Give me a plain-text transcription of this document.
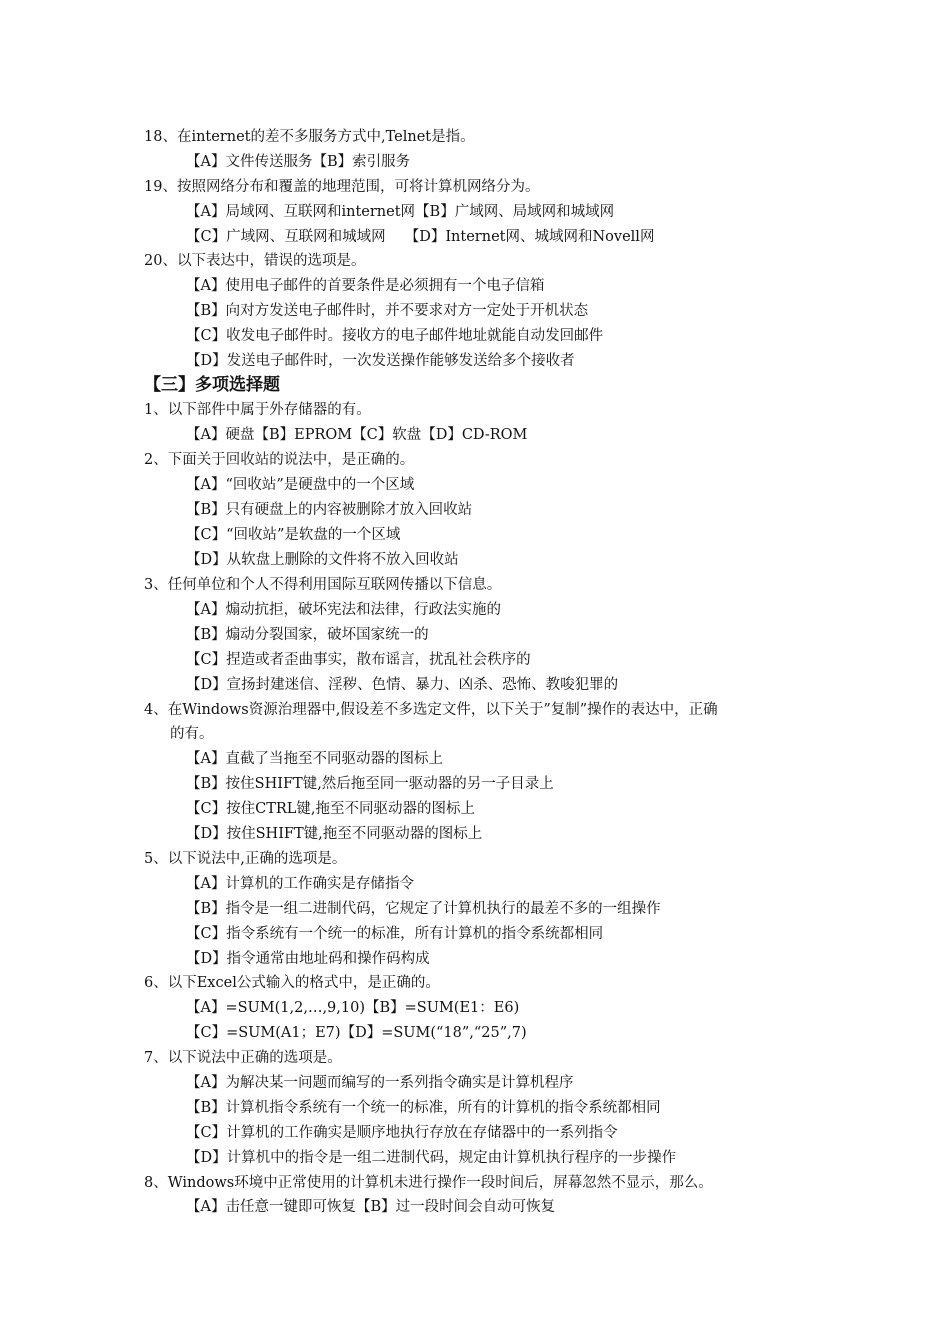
18、在internet的差不多服务方式中,Telnet是指。
【A】文件传送服务【B】索引服务
19、按照网络分布和覆盖的地理范围，可将计算机网络分为。
【A】局域网、互联网和internet网【B】广域网、局域网和城域网
【C】广域网、互联网和城域网　 【D】Internet网、城域网和Novell网
20、以下表达中，错误的选项是。
【A】使用电子邮件的首要条件是必须拥有一个电子信箱
【B】向对方发送电子邮件时，并不要求对方一定处于开机状态
【C】收发电子邮件时。接收方的电子邮件地址就能自动发回邮件
【D】发送电子邮件时，一次发送操作能够发送给多个接收者
【三】多项选择题
1、以下部件中属于外存储器的有。
【A】硬盘【B】EPROM【C】软盘【D】CD-ROM
2、下面关于回收站的说法中，是正确的。
【A】“回收站”是硬盘中的一个区域
【B】只有硬盘上的内容被删除才放入回收站
【C】“回收站”是软盘的一个区域
【D】从软盘上删除的文件将不放入回收站
3、任何单位和个人不得利用国际互联网传播以下信息。
【A】煽动抗拒，破坏宪法和法律，行政法实施的
【B】煽动分裂国家，破坏国家统一的
【C】捏造或者歪曲事实，散布谣言，扰乱社会秩序的
【D】宣扬封建迷信、淫秽、色情、暴力、凶杀、恐怖、教唆犯罪的
4、在Windows资源治理器中,假设差不多选定文件，以下关于”复制”操作的表达中，正确
的有。
【A】直截了当拖至不同驱动器的图标上
【B】按住SHIFT键,然后拖至同一驱动器的另一子目录上
【C】按住CTRL键,拖至不同驱动器的图标上
【D】按住SHIFT键,拖至不同驱动器的图标上
5、以下说法中,正确的选项是。
【A】计算机的工作确实是存储指令
【B】指令是一组二进制代码，它规定了计算机执行的最差不多的一组操作
【C】指令系统有一个统一的标准，所有计算机的指令系统都相同
【D】指令通常由地址码和操作码构成
6、以下Excel公式输入的格式中，是正确的。
【A】=SUM(1,2,…,9,10)【B】=SUM(E1：E6)
【C】=SUM(A1；E7)【D】=SUM(“18”,“25”,7)
7、以下说法中正确的选项是。
【A】为解决某一问题而编写的一系列指令确实是计算机程序
【B】计算机指令系统有一个统一的标准，所有的计算机的指令系统都相同
【C】计算机的工作确实是顺序地执行存放在存储器中的一系列指令
【D】计算机中的指令是一组二进制代码，规定由计算机执行程序的一步操作
8、Windows环境中正常使用的计算机未进行操作一段时间后，屏幕忽然不显示，那么。
【A】击任意一键即可恢复【B】过一段时间会自动可恢复
